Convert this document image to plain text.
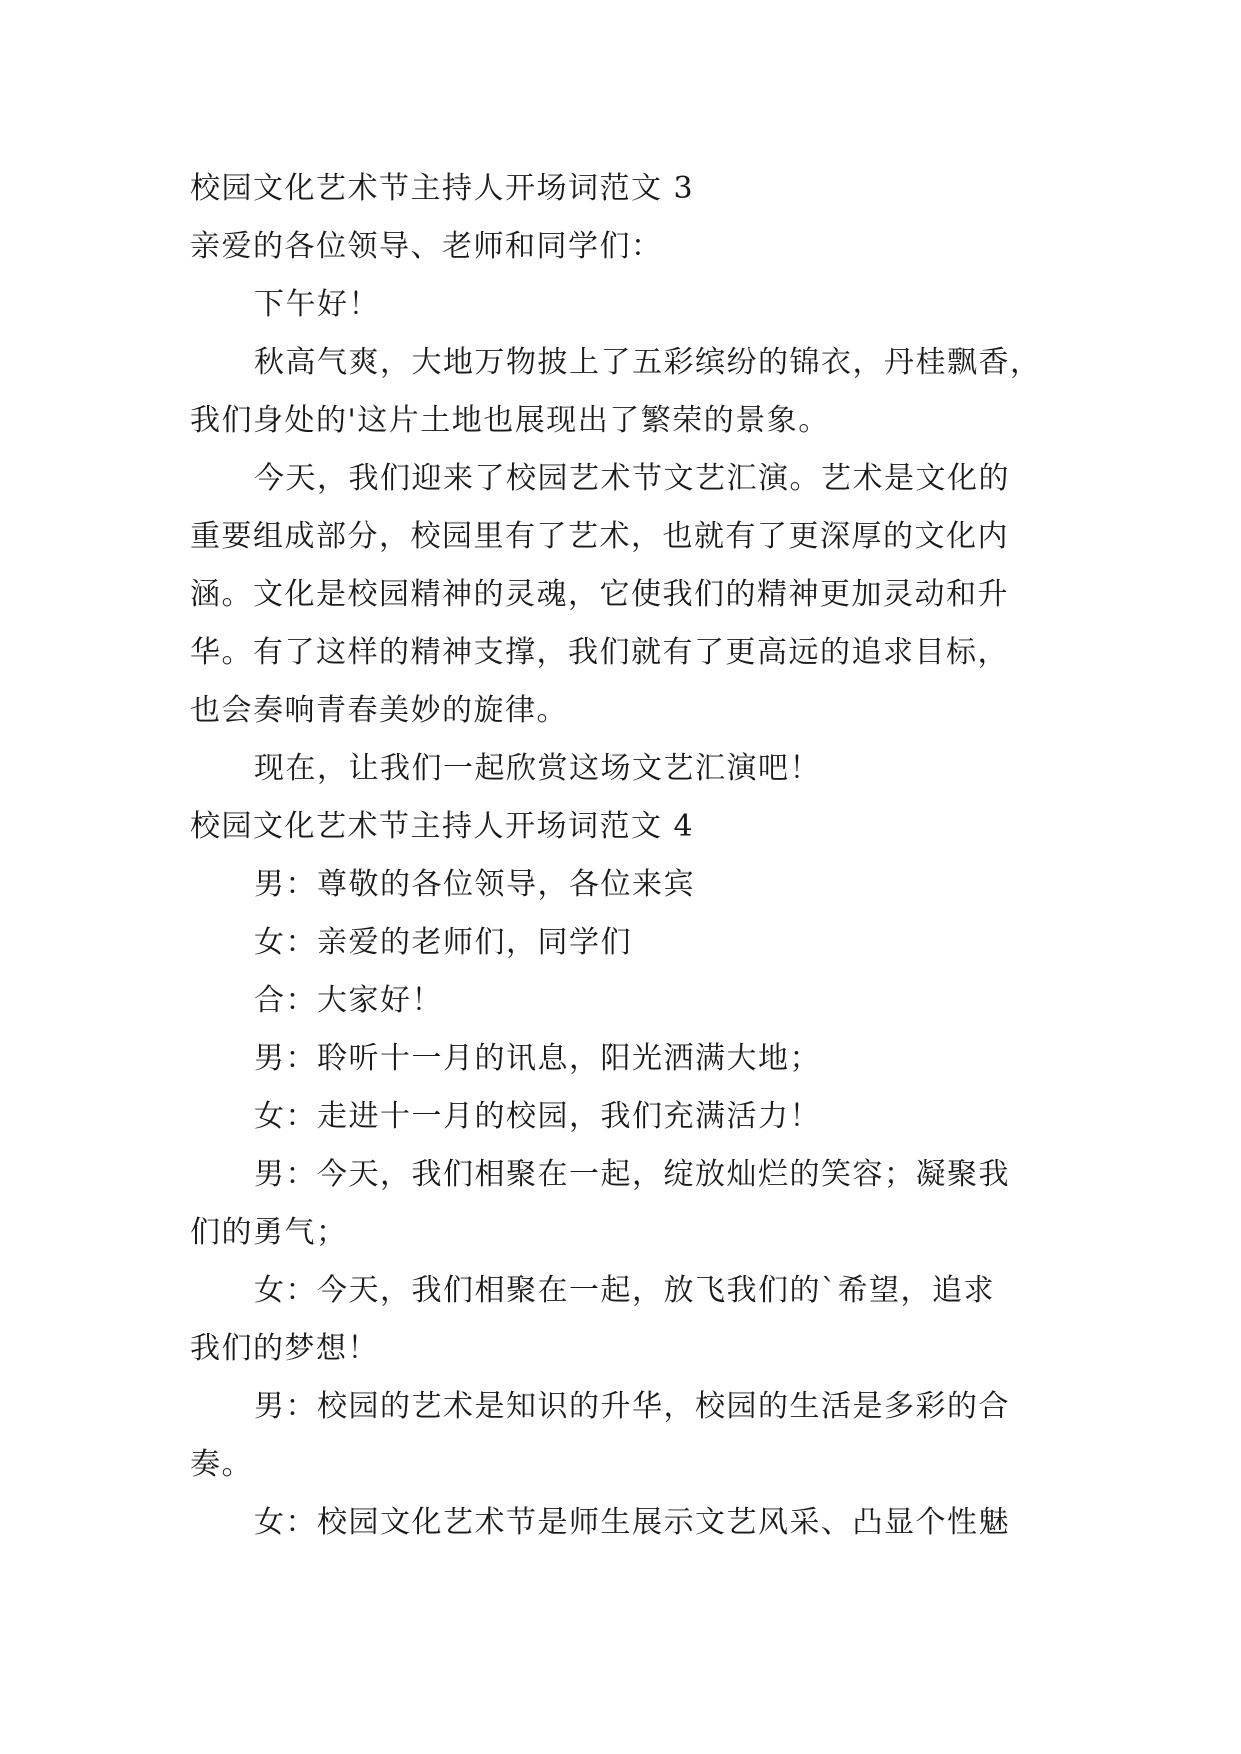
校园文化艺术节主持人开场词范文 3
亲爱的各位领导、老师和同学们：
下午好！
秋高气爽，大地万物披上了五彩缤纷的锦衣，丹桂飘香，
我们身处的'这片土地也展现出了繁荣的景象。
今天，我们迎来了校园艺术节文艺汇演。艺术是文化的
重要组成部分，校园里有了艺术，也就有了更深厚的文化内
涵。文化是校园精神的灵魂，它使我们的精神更加灵动和升
华。有了这样的精神支撑，我们就有了更高远的追求目标，
也会奏响青春美妙的旋律。
现在，让我们一起欣赏这场文艺汇演吧！
校园文化艺术节主持人开场词范文 4
男：尊敬的各位领导，各位来宾
女：亲爱的老师们，同学们
合：大家好！
男：聆听十一月的讯息，阳光洒满大地；
女：走进十一月的校园，我们充满活力！
男：今天，我们相聚在一起，绽放灿烂的笑容；凝聚我
们的勇气；
女：今天，我们相聚在一起，放飞我们的`希望，追求
我们的梦想！
男：校园的艺术是知识的升华，校园的生活是多彩的合
奏。
女：校园文化艺术节是师生展示文艺风采、凸显个性魅
